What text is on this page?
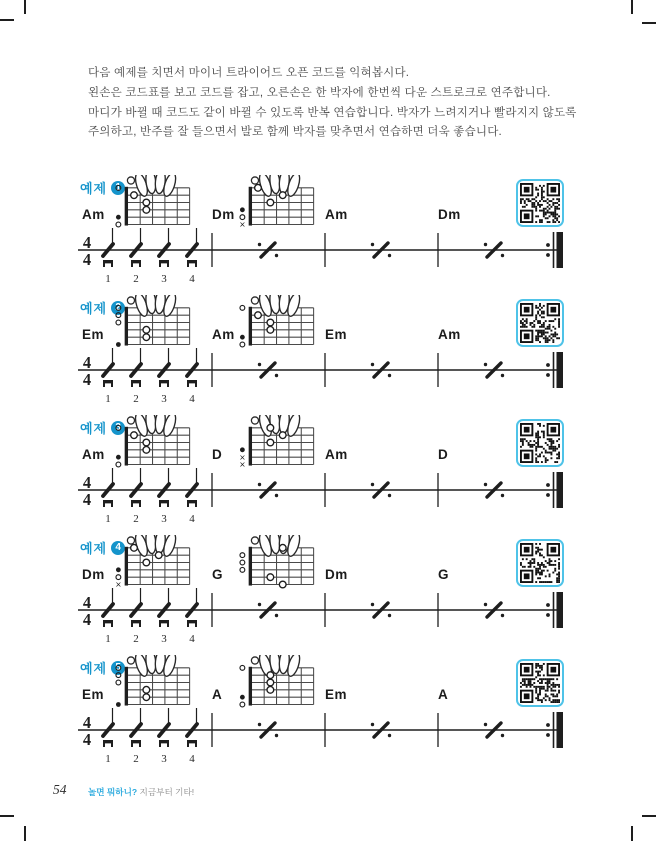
다음 예제를 치면서 마이너 트라이어드 오픈 코드를 익혀봅시다.
왼손은 코드표를 보고 코드를 잡고, 오른손은 한 박자에 한번씩 다운 스트로크로 연주합니다.
마디가 바뀔 때 코드도 같이 바뀔 수 있도록 반복 연습합니다. 박자가 느려지거나 빨라지지 않도록
주의하고, 반주를 잘 들으면서 발로 함께 박자를 맞추면서 연습하면 더욱 좋습니다.
예제 1
Am	Dm
×
Am	Dm
4
4
1 2 3 4
예제 2
Em	Am	Em	Am
4
4
1 2 3 4
예제 3
Am	D ×
×
Am	D
4
4
1 2 3 4
예제 4
Dm
×
G	Dm	G
4
4
1 2 3 4
예제 5
Em	A	Em	A
4
4
1 2 3 4
54	놀면 뭐하니? 지금부터 기타!
